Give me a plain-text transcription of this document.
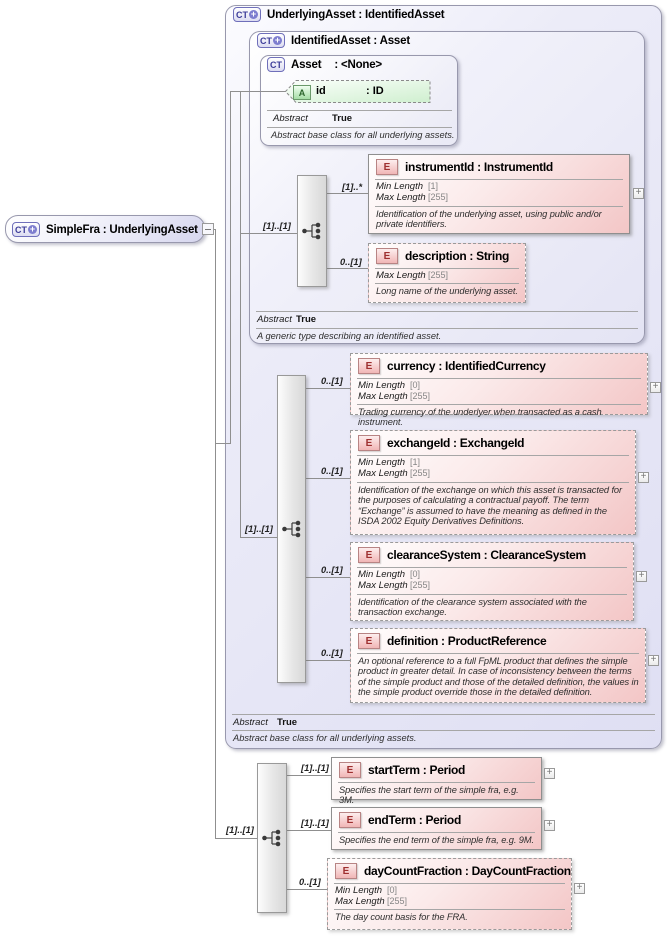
CT + UnderlyingAsset : IdentifiedAsset
CT + IdentifiedAsset : Asset
CT Asset : <None>
A id	: ID
Abstract	True
Abstract base class for all underlying assets.
E	instrumentId : InstrumentId
Min Length [1]
Max Length [255]
Identification of the underlying asset, using public and/or private identifiers.
E	description : String
Max Length [255]
Long name of the underlying asset.
Abstract True
A generic type describing an identified asset.
E	currency : IdentifiedCurrency
Min Length [0]
Max Length [255]
Trading currency of the underlyer when transacted as a cash instrument.
E	exchangeId : ExchangeId
Min Length [1]
Max Length [255]
Identification of the exchange on which this asset is transacted for the purposes of calculating a contractual payoff. The term “Exchange” is assumed to have the meaning as defined in the ISDA 2002 Equity Derivatives Definitions.
E	clearanceSystem : ClearanceSystem
Min Length [0]
Max Length [255]
Identification of the clearance system associated with the transaction exchange.
E	definition : ProductReference
An optional reference to a full FpML product that defines the simple product in greater detail. In case of inconsistency between the terms of the simple product and those of the detailed definition, the values in the simple product override those in the detailed definition.
Abstract True
Abstract base class for all underlying assets.
E	startTerm : Period
Specifies the start term of the simple fra, e.g. 3M.
E	endTerm : Period
Specifies the end term of the simple fra, e.g. 9M.
E	dayCountFraction : DayCountFraction
Min Length [0]
Max Length [255]
The day count basis for the FRA.
CT + SimpleFra : UnderlyingAsset	[1]..[1]
[1]..*
0..[1]
[1]..[1]
0..[1]
0..[1]
0..[1]
0..[1]
[1]..[1]
[1]..[1]
[1]..[1]
0..[1]
+
+
+
+
+
+
+
+
